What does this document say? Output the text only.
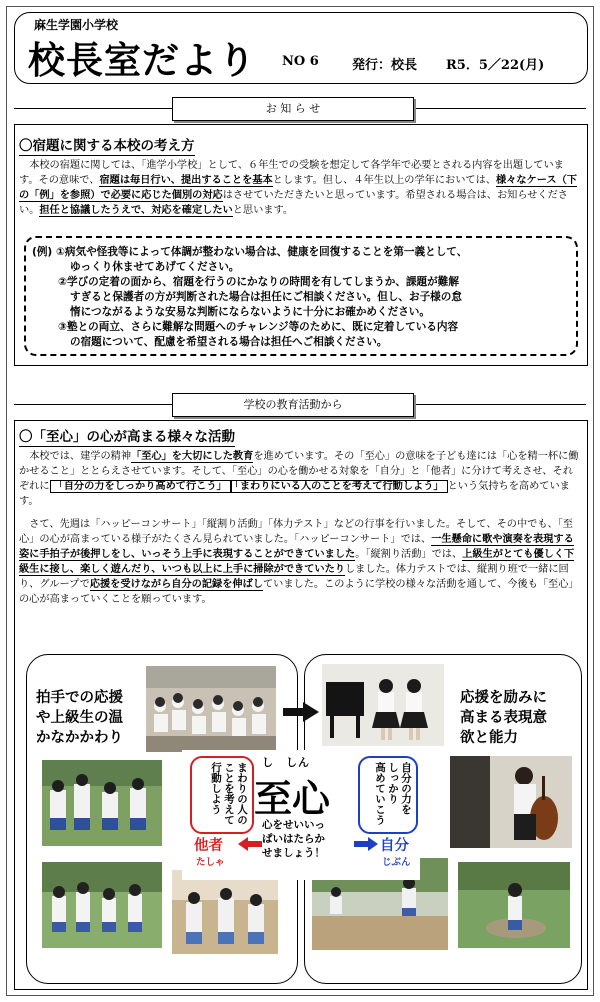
麻生学園小学校
校長室だより NO 6	発行：校長 R5．5／22(月)
お 知 ら せ
〇宿題に関する本校の考え方

本校の宿題に関しては、「進学小学校」として、６年生での受験を想定して各学年で必要とされる内容を出題しています。その意味で、宿題は毎日行い、提出することを基本とします。但し、４年生以上の学年においては、様々なケース（下の「例」を参照）で必要に応じた個別の対応はさせていただきたいと思っています。希望される場合は、お知らせください。担任と協議したうえで、対応を確定したいと思います。

(例) ①病気や怪我等によって体調が整わない場合は、健康を回復することを第一義として、
ゆっくり休ませてあげてください。
②学びの定着の面から、宿題を行うのにかなりの時間を有してしまうか、課題が難解
すぎると保護者の方が判断された場合は担任にご相談ください。但し、お子様の怠
惰につながるような安易な判断にならないように十分にお確かめください。
③塾との両立、さらに難解な問題へのチャレンジ等のために、既に定着している内容
の宿題について、配慮を希望される場合は担任へご相談ください。
学校の教育活動から
〇「至心」の心が高まる様々な活動

本校では、建学の精神「至心」を大切にした教育を進めています。その「至心」の意味を子ども達には「心を精一杯に働かせること」ととらえさせています。そして、「至心」の心を働かせる対象を「自分」と「他者」に分けて考えさせ、それぞれに 「自分の力をしっかり高めて行こう」 「まわりにいる人のことを考えて行動しよう」 という気持ちを高めています。

さて、先週は「ハッピーコンサート」「縦割り活動」「体力テスト」などの行事を行いました。そして、その中でも、「至心」の心が高まっている様子がたくさん見られていました。「ハッピーコンサート」では、一生懸命に歌や演奏を表現する姿に手拍子が後押しをし、いっそう上手に表現することができていました。「縦割り活動」では、上級生がとても優しく下級生に接し、楽しく遊んだり、いつも以上に上手に掃除ができていたりしました。体力テストでは、縦割り班で一緒に回り、グループで応援を受けながら自分の記録を伸ばしていました。このように学校の様々な活動を通して、今後も「至心」の心が高まっていくことを願っています。

拍手での応援
や上級生の温
かなかかわり
応援を励みに
高まる表現意
欲と能力
まわりの人の
ことを考えて
行動しよう	自分の力を
しっかり
高めていこう
し　しん
至心
心をせいいっ
ぱいはたらか
せましょう！
他者
たしゃ
自分
じぶん
